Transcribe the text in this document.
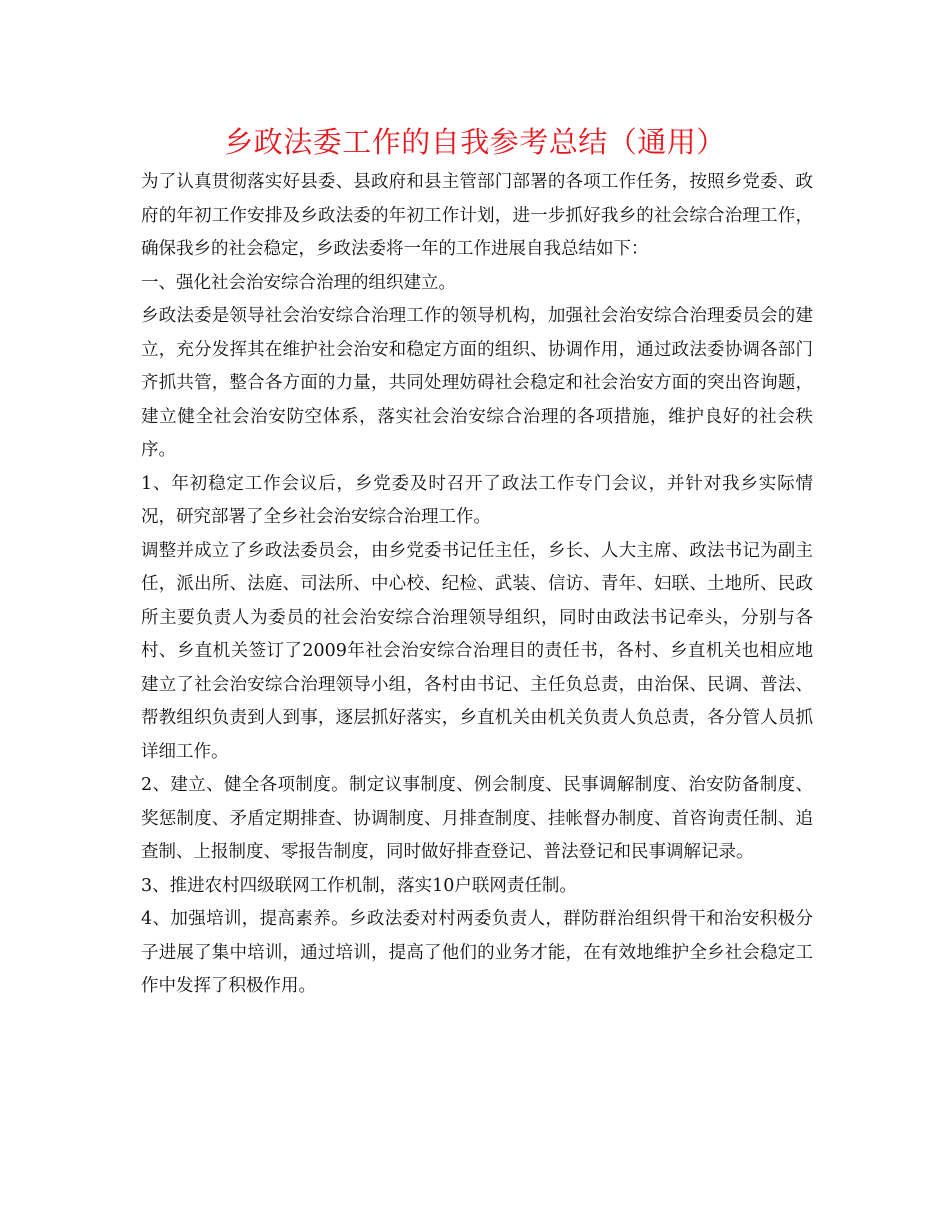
乡政法委工作的自我参考总结（通用）

为了认真贯彻落实好县委、县政府和县主管部门部署的各项工作任务，按照乡党委、政府的年初工作安排及乡政法委的年初工作计划，进一步抓好我乡的社会综合治理工作，确保我乡的社会稳定，乡政法委将一年的工作进展自我总结如下：

一、强化社会治安综合治理的组织建立。

乡政法委是领导社会治安综合治理工作的领导机构，加强社会治安综合治理委员会的建立，充分发挥其在维护社会治安和稳定方面的组织、协调作用，通过政法委协调各部门齐抓共管，整合各方面的力量，共同处理妨碍社会稳定和社会治安方面的突出咨询题，建立健全社会治安防空体系，落实社会治安综合治理的各项措施，维护良好的社会秩序。

1、年初稳定工作会议后，乡党委及时召开了政法工作专门会议，并针对我乡实际情况，研究部署了全乡社会治安综合治理工作。

调整并成立了乡政法委员会，由乡党委书记任主任，乡长、人大主席、政法书记为副主任，派出所、法庭、司法所、中心校、纪检、武装、信访、青年、妇联、土地所、民政所主要负责人为委员的社会治安综合治理领导组织，同时由政法书记牵头，分别与各村、乡直机关签订了2009年社会治安综合治理目的责任书，各村、乡直机关也相应地建立了社会治安综合治理领导小组，各村由书记、主任负总责，由治保、民调、普法、帮教组织负责到人到事，逐层抓好落实，乡直机关由机关负责人负总责，各分管人员抓详细工作。

2、建立、健全各项制度。制定议事制度、例会制度、民事调解制度、治安防备制度、奖惩制度、矛盾定期排查、协调制度、月排查制度、挂帐督办制度、首咨询责任制、追查制、上报制度、零报告制度，同时做好排查登记、普法登记和民事调解记录。

3、推进农村四级联网工作机制，落实10户联网责任制。

4、加强培训，提高素养。乡政法委对村两委负责人，群防群治组织骨干和治安积极分子进展了集中培训，通过培训，提高了他们的业务才能，在有效地维护全乡社会稳定工作中发挥了积极作用。
